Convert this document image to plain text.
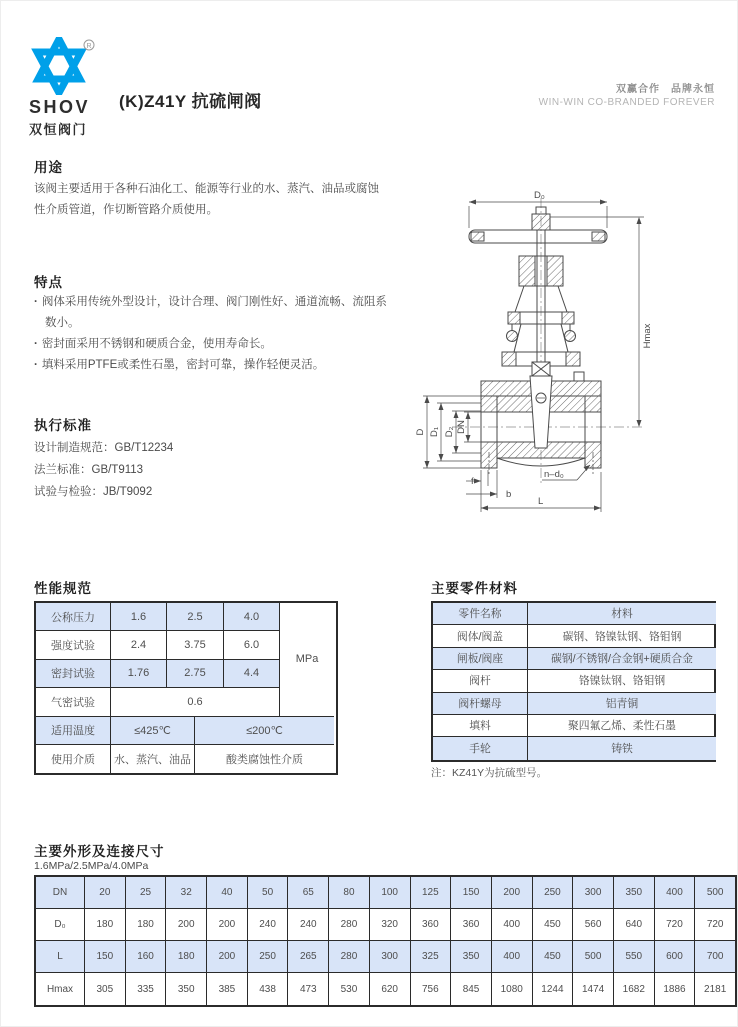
R
SHOV
双恒阀门
(K)Z41Y 抗硫闸阀
双赢合作　品牌永恒
WIN-WIN CO-BRANDED FOREVER
用途
该阀主要适用于各种石油化工、能源等行业的水、蒸汽、油品或腐蚀性介质管道，作切断管路介质使用。
特点
· 阀体采用传统外型设计，设计合理、阀门刚性好、通道流畅、流阻系数小。
· 密封面采用不锈钢和硬质合金，使用寿命长。
· 填料采用PTFE或柔性石墨，密封可靠，操作轻便灵活。
执行标准
设计制造规范：GB/T12234
法兰标准：GB/T9113
试验与检验：JB/T9092
D₀
Hmax
D D₁ D₂ DN
f
b
L
n–d₀
性能规范
公称压力	1.6	2.5	4.0
MPa
强度试验	2.4	3.75	6.0
密封试验	1.76	2.75	4.4
气密试验	0.6
适用温度	≤425℃	≤200℃
使用介质	水、蒸汽、油品	酸类腐蚀性介质
主要零件材料
零件名称	材料
阀体/阀盖	碳钢、铬镍钛钢、铬钼钢
闸板/阀座	碳钢/不锈钢/合金钢+硬质合金
阀杆	铬镍钛钢、铬钼钢
阀杆螺母	铝青铜
填料	聚四氟乙烯、柔性石墨
手轮	铸铁
注：KZ41Y为抗硫型号。
主要外形及连接尺寸
1.6MPa/2.5MPa/4.0MPa
DN	20	25	32	40	50	65	80	100	125	150	200	250	300	350	400	500
D₀	180	180	200	200	240	240	280	320	360	360	400	450	560	640	720	720
L	150	160	180	200	250	265	280	300	325	350	400	450	500	550	600	700
Hmax	305	335	350	385	438	473	530	620	756	845	1080	1244	1474	1682	1886	2181
